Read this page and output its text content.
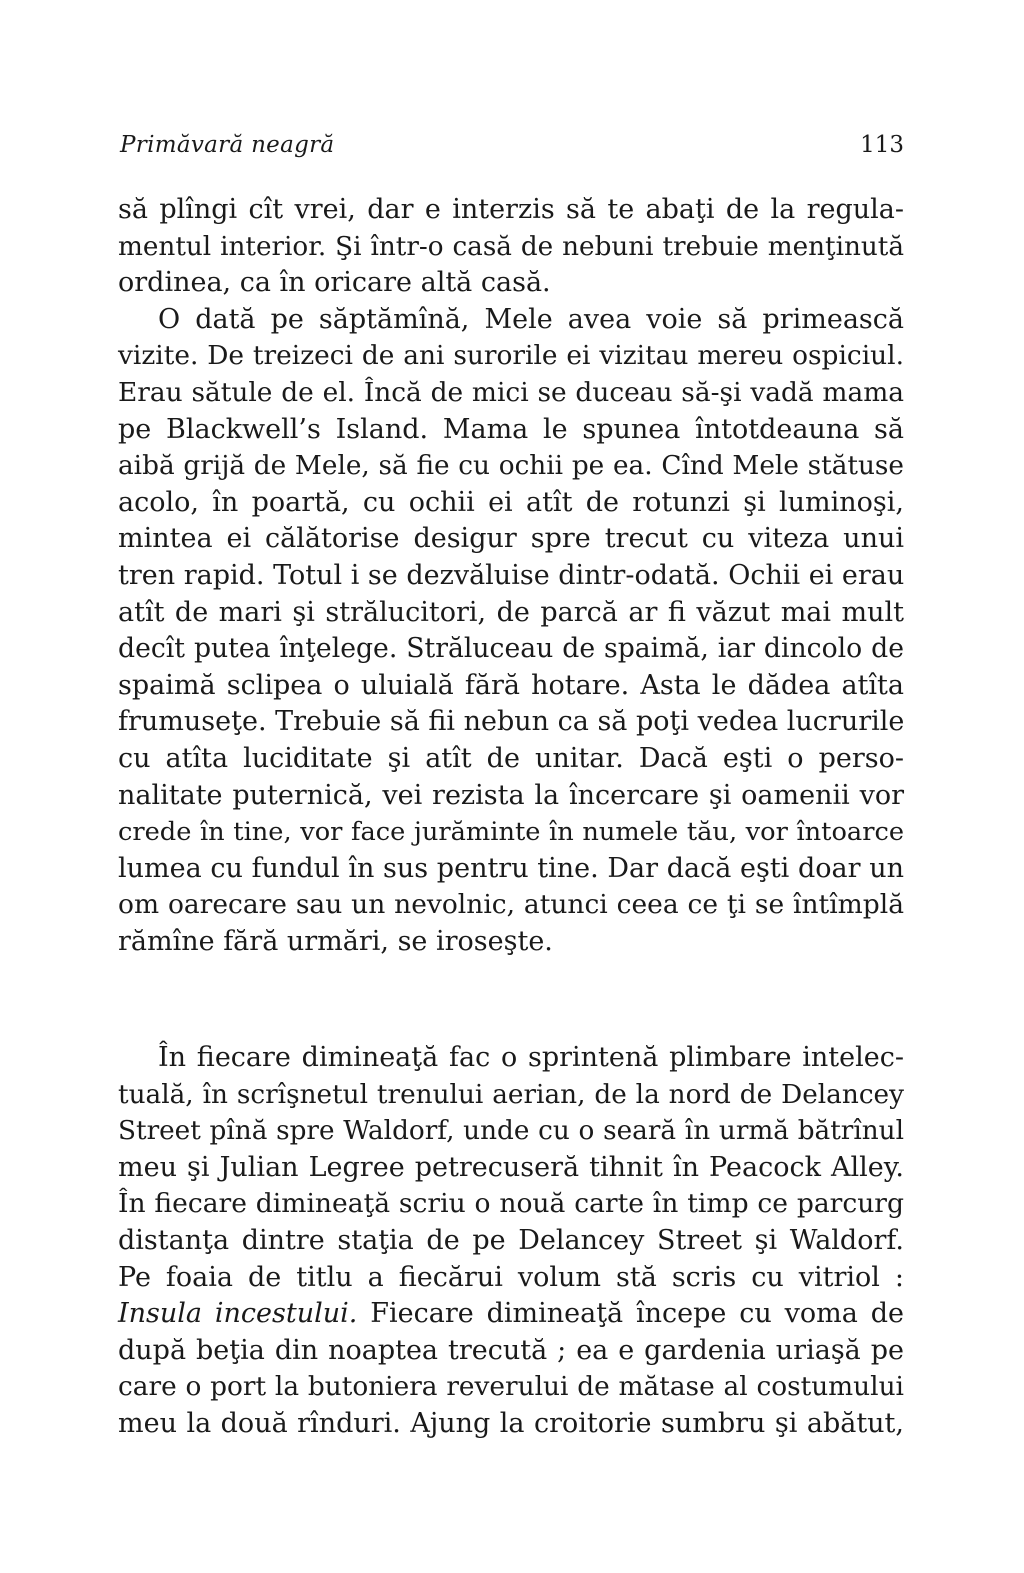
Primăvară neagră	113
să plîngi cît vrei, dar e interzis să te abaţi de la regula-
mentul interior. Şi într-o casă de nebuni trebuie menţinută
ordinea, ca în oricare altă casă.
O dată pe săptămînă, Mele avea voie să primească
vizite. De treizeci de ani surorile ei vizitau mereu ospiciul.
Erau sătule de el. Încă de mici se duceau să-şi vadă mama
pe Blackwell’s Island. Mama le spunea întotdeauna să
aibă grijă de Mele, să fie cu ochii pe ea. Cînd Mele stătuse
acolo, în poartă, cu ochii ei atît de rotunzi şi luminoşi,
mintea ei călătorise desigur spre trecut cu viteza unui
tren rapid. Totul i se dezvăluise dintr-odată. Ochii ei erau
atît de mari şi strălucitori, de parcă ar fi văzut mai mult
decît putea înţelege. Străluceau de spaimă, iar dincolo de
spaimă sclipea o uluială fără hotare. Asta le dădea atîta
frumuseţe. Trebuie să fii nebun ca să poţi vedea lucrurile
cu atîta luciditate şi atît de unitar. Dacă eşti o perso-
nalitate puternică, vei rezista la încercare şi oamenii vor
crede în tine, vor face jurăminte în numele tău, vor întoarce
lumea cu fundul în sus pentru tine. Dar dacă eşti doar un
om oarecare sau un nevolnic, atunci ceea ce ţi se întîmplă
rămîne fără urmări, se iroseşte.
În fiecare dimineaţă fac o sprintenă plimbare intelec-
tuală, în scrîşnetul trenului aerian, de la nord de Delancey
Street pînă spre Waldorf, unde cu o seară în urmă bătrînul
meu şi Julian Legree petrecuseră tihnit în Peacock Alley.
În fiecare dimineaţă scriu o nouă carte în timp ce parcurg
distanţa dintre staţia de pe Delancey Street şi Waldorf.
Pe foaia de titlu a fiecărui volum stă scris cu vitriol :
Insula incestului. Fiecare dimineaţă începe cu voma de
după beţia din noaptea trecută ; ea e gardenia uriaşă pe
care o port la butoniera reverului de mătase al costumului
meu la două rînduri. Ajung la croitorie sumbru şi abătut,
